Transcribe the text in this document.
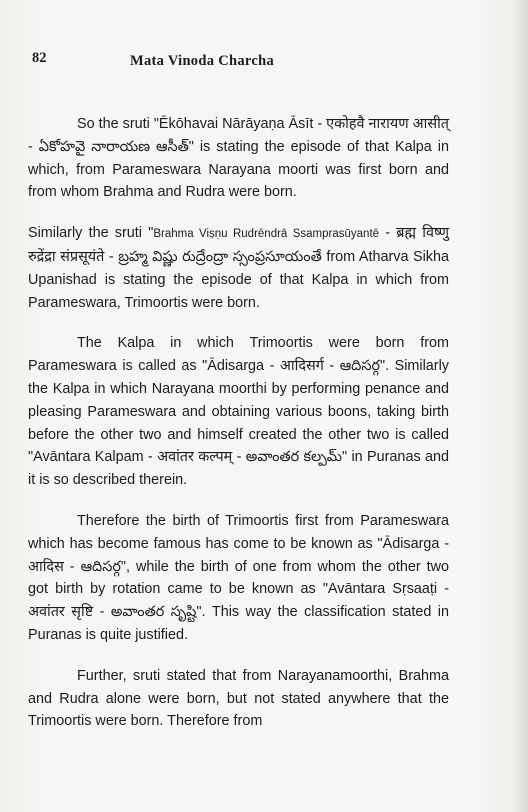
82	Mata Vinoda Charcha

So the sruti "Ēkōhavai Nārāyaṇa Āsīt - एकोहवै नारायण आसीत् - ఏకోహవై నారాయణ ఆసీత్" is stating the episode of that Kalpa in which, from Parameswara Narayana moorti was first born and from whom Brahma and Rudra were born.

Similarly the sruti "Brahma Viṣṇu Rudrēndrā Ssamprasūyantē - ब्रह्म विष्णु रुद्रेंद्रा संप्रसूयंते - బ్రహ్మ విష్ణు రుద్రేంద్రా స్సంప్రసూయంతే from Atharva Sikha Upanishad is stating the episode of that Kalpa in which from Parameswara, Trimoortis were born.

The Kalpa in which Trimoortis were born from Parameswara is called as "Ādisarga - आदिसर्ग - ఆదిసర్గ". Similarly the Kalpa in which Narayana moorthi by performing penance and pleasing Parameswara and obtaining various boons, taking birth before the other two and himself created the other two is called "Avāntara Kalpam - अवांतर कल्पम् - అవాంతర కల్పమ్" in Puranas and it is so described therein.

Therefore the birth of Trimoortis first from Parameswara which has become famous has come to be known as "Ādisarga - आदिस - ఆదిసర్గ", while the birth of one from whom the other two got birth by rotation came to be known as "Avāntara Sṛsaaṭi - अवांतर सृष्टि - అవాంతర సృష్టి". This way the classification stated in Puranas is quite justified.

Further, sruti stated that from Narayanamoorthi, Brahma and Rudra alone were born, but not stated anywhere that the Trimoortis were born. Therefore from
